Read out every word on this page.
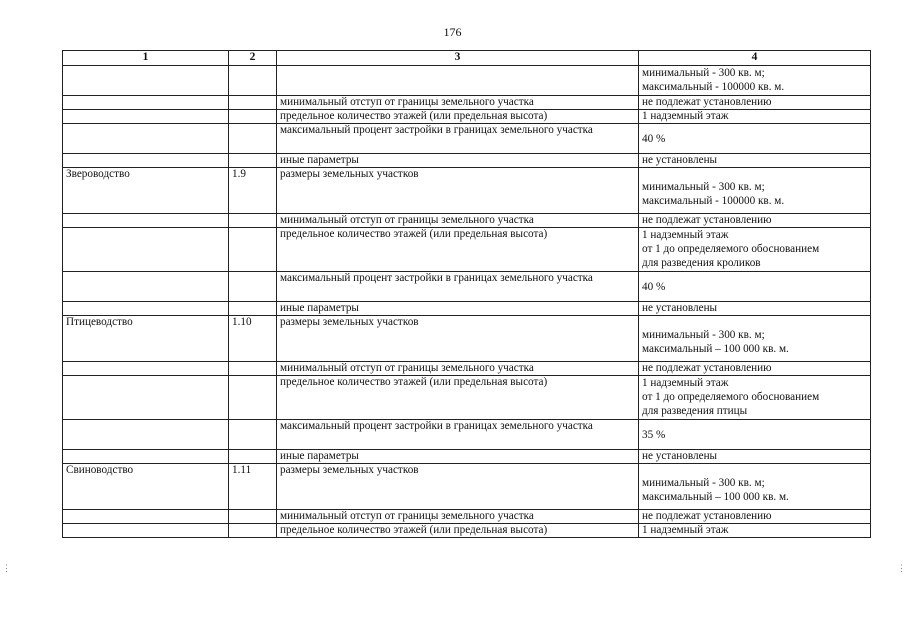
176
1	2	3	4

			минимальный - 300 кв. м;
максимальный - 100000 кв. м.

		минимальный отступ от границы земельного участка	не подлежат установлению

		предельное количество этажей (или предельная высота)	1 надземный этаж

		максимальный процент застройки в границах земельного участка	40 %

		иные параметры	не установлены

Звероводство	1.9	размеры земельных участков	минимальный - 300 кв. м;
максимальный - 100000 кв. м.

		минимальный отступ от границы земельного участка	не подлежат установлению

		предельное количество этажей (или предельная высота)	1 надземный этаж
от 1 до определяемого обоснованием
для разведения кроликов

		максимальный процент застройки в границах земельного участка	40 %

		иные параметры	не установлены

Птицеводство	1.10	размеры земельных участков	минимальный - 300 кв. м;
максимальный – 100 000 кв. м.

		минимальный отступ от границы земельного участка	не подлежат установлению

		предельное количество этажей (или предельная высота)	1 надземный этаж
от 1 до определяемого обоснованием
для разведения птицы

		максимальный процент застройки в границах земельного участка	35 %

		иные параметры	не установлены

Свиноводство	1.11	размеры земельных участков	минимальный - 300 кв. м;
максимальный – 100 000 кв. м.

		минимальный отступ от границы земельного участка	не подлежат установлению

		предельное количество этажей (или предельная высота)	1 надземный этаж
⋮	⋮
